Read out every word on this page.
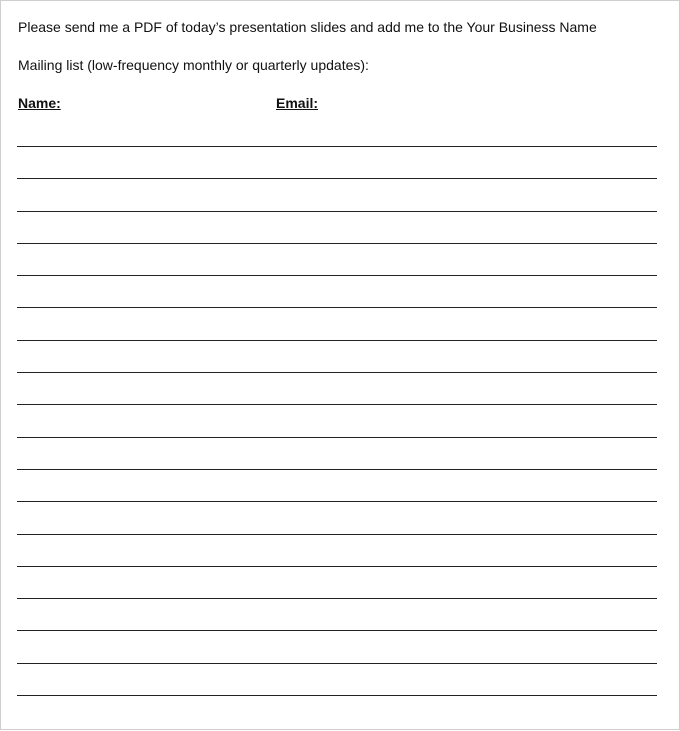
Please send me a PDF of today’s presentation slides and add me to the Your Business Name
Mailing list (low-frequency monthly or quarterly updates):
Name:	Email:
